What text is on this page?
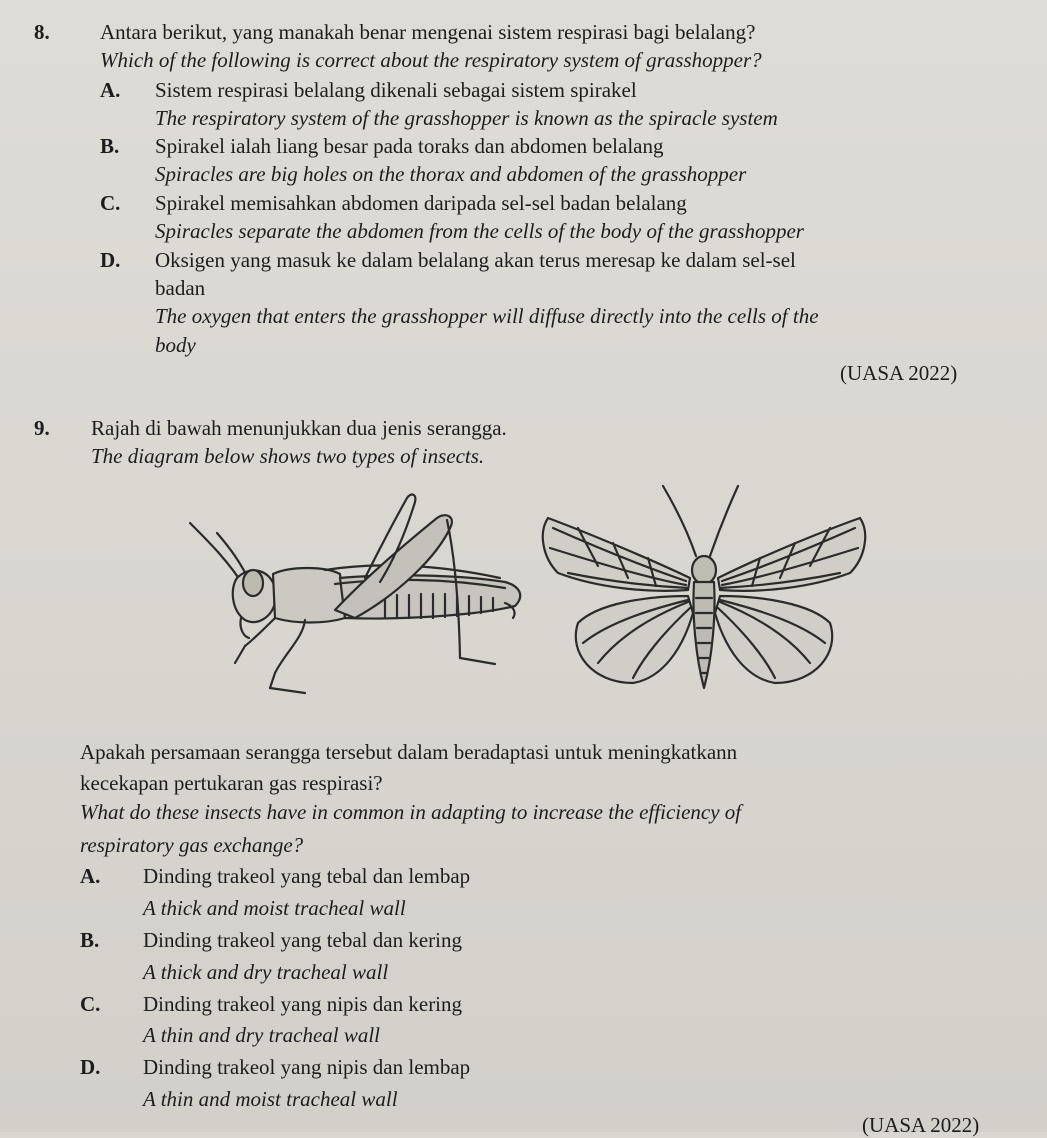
8. Antara berikut, yang manakah benar mengenai sistem respirasi bagi belalang?
Which of the following is correct about the respiratory system of grasshopper?
A. Sistem respirasi belalang dikenali sebagai sistem spirakel
The respiratory system of the grasshopper is known as the spiracle system
B. Spirakel ialah liang besar pada toraks dan abdomen belalang
Spiracles are big holes on the thorax and abdomen of the grasshopper
C. Spirakel memisahkan abdomen daripada sel-sel badan belalang
Spiracles separate the abdomen from the cells of the body of the grasshopper
D. Oksigen yang masuk ke dalam belalang akan terus meresap ke dalam sel-sel
badan
The oxygen that enters the grasshopper will diffuse directly into the cells of the
body
(UASA 2022)
9. Rajah di bawah menunjukkan dua jenis serangga.
The diagram below shows two types of insects.
Apakah persamaan serangga tersebut dalam beradaptasi untuk meningkatkann
kecekapan pertukaran gas respirasi?
What do these insects have in common in adapting to increase the efficiency of
respiratory gas exchange?
A. Dinding trakeol yang tebal dan lembap
A thick and moist tracheal wall
B. Dinding trakeol yang tebal dan kering
A thick and dry tracheal wall
C. Dinding trakeol yang nipis dan kering
A thin and dry tracheal wall
D. Dinding trakeol yang nipis dan lembap
A thin and moist tracheal wall
(UASA 2022)
